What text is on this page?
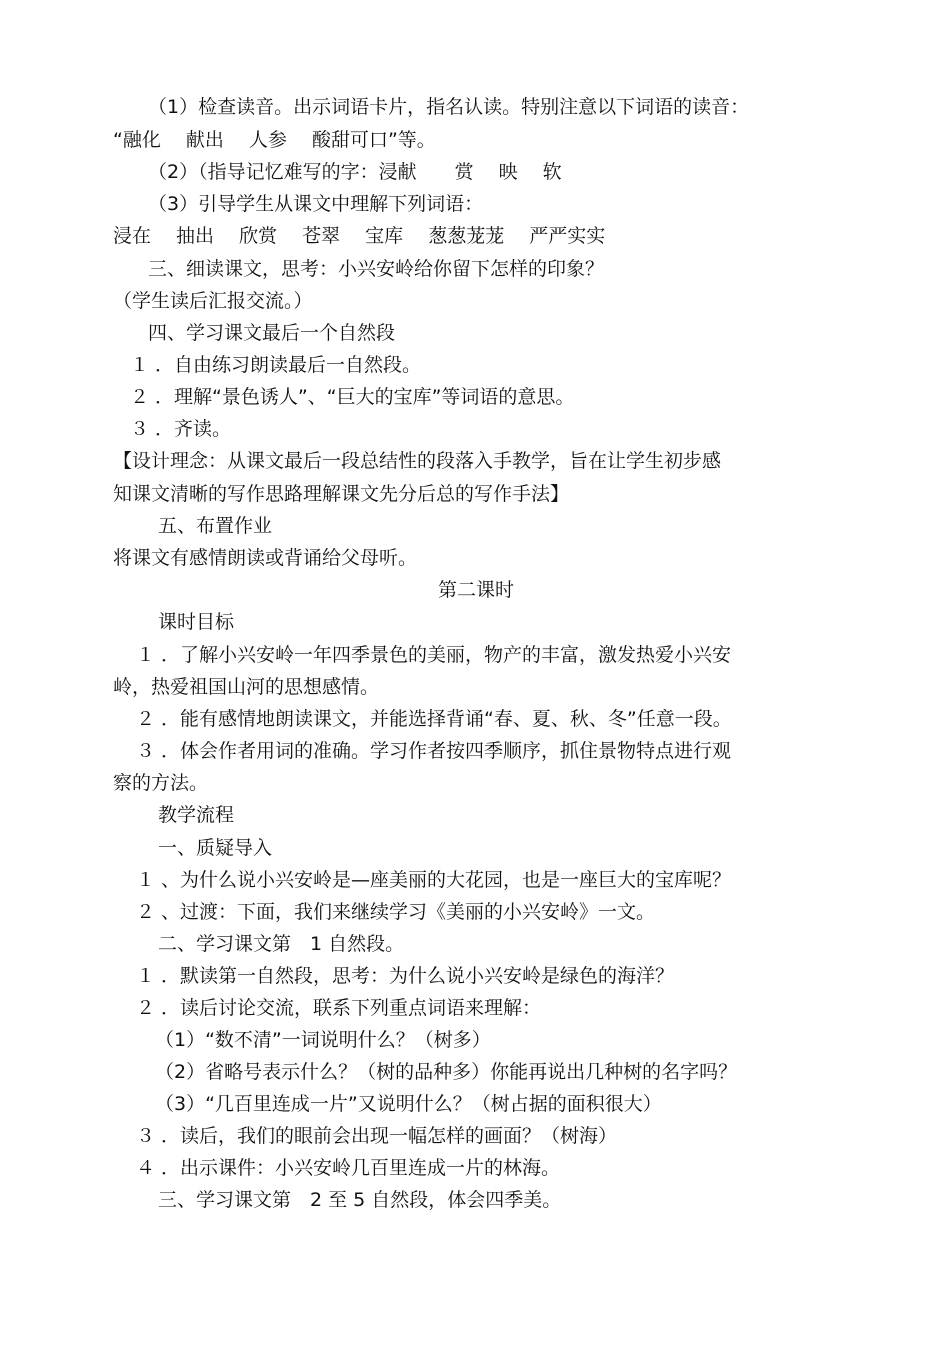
（1）检查读音。出示词语卡片，指名认读。特别注意以下词语的读音：

“融化　 献出　 人参　 酸甜可口”等。

（2）（指导记忆难写的字：浸献　　赏　 映　 软

（3）引导学生从课文中理解下列词语：

浸在　 抽出　 欣赏　 苍翠　 宝库　 葱葱茏茏　 严严实实

三、细读课文，思考：小兴安岭给你留下怎样的印象？

（学生读后汇报交流。）

四、学习课文最后一个自然段

１ ．自由练习朗读最后一自然段。

２ ．理解“景色诱人”、“巨大的宝库”等词语的意思。

３ ．齐读。

【设计理念：从课文最后一段总结性的段落入手教学，旨在让学生初步感

知课文清晰的写作思路理解课文先分后总的写作手法】

五、布置作业

将课文有感情朗读或背诵给父母听。

第二课时

课时目标

１ ．了解小兴安岭一年四季景色的美丽，物产的丰富，激发热爱小兴安

岭，热爱祖国山河的思想感情。

２ ．能有感情地朗读课文，并能选择背诵“春、夏、秋、冬”任意一段。

３ ．体会作者用词的准确。学习作者按四季顺序，抓住景物特点进行观

察的方法。

教学流程

一、质疑导入

１ 、为什么说小兴安岭是—座美丽的大花园，也是一座巨大的宝库呢？

２ 、过渡：下面，我们来继续学习《美丽的小兴安岭》一文。

二、学习课文第　1 自然段。

１ ．默读第一自然段，思考：为什么说小兴安岭是绿色的海洋？

２ ．读后讨论交流，联系下列重点词语来理解：

（1）“数不清”一词说明什么？（树多）

（2）省略号表示什么？（树的品种多）你能再说出几种树的名字吗？

（3）“几百里连成一片”又说明什么？（树占据的面积很大）

３ ．读后，我们的眼前会出现一幅怎样的画面？（树海）

４ ．出示课件：小兴安岭几百里连成一片的林海。

三、学习课文第　2 至 5 自然段，体会四季美。
